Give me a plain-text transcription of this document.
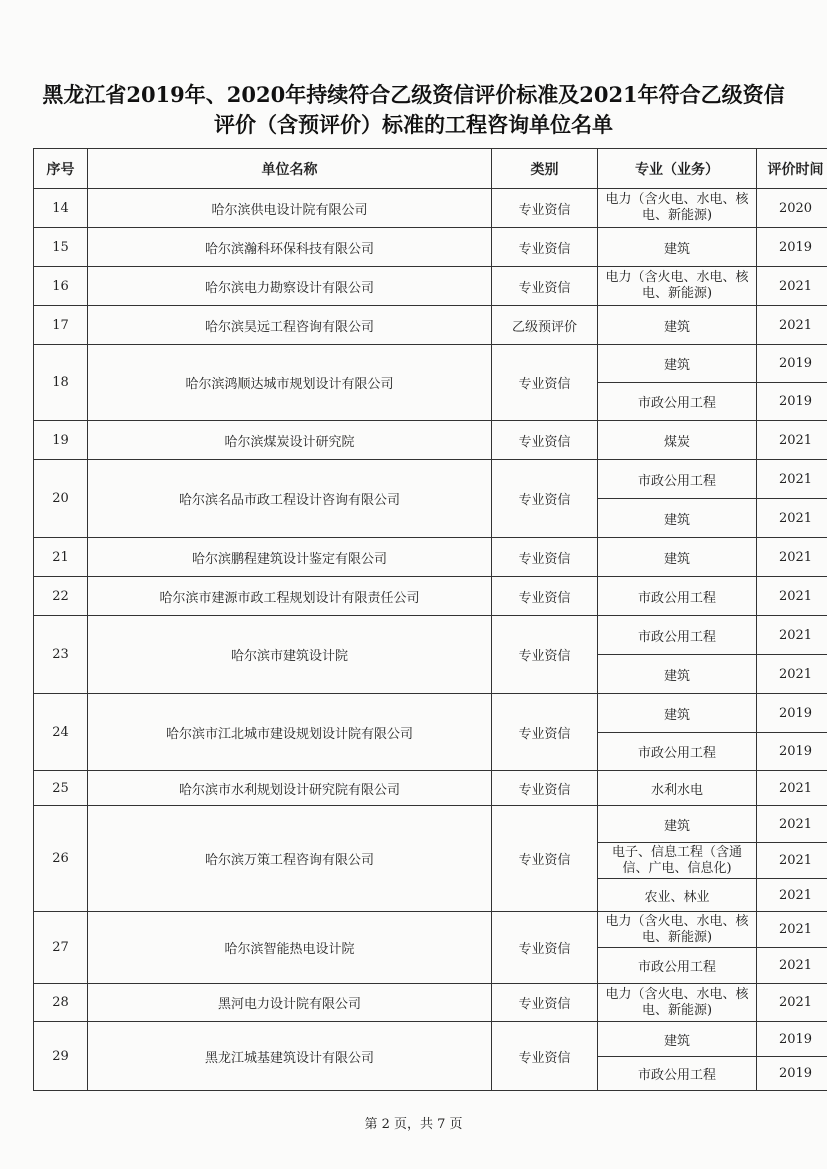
黑龙江省2019年、2020年持续符合乙级资信评价标准及2021年符合乙级资信
评价（含预评价）标准的工程咨询单位名单
序号	单位名称	类别	专业（业务）	评价时间
14	哈尔滨供电设计院有限公司	专业资信	电力（含火电、水电、核电、新能源)	2020
15	哈尔滨瀚科环保科技有限公司	专业资信	建筑	2019
16	哈尔滨电力勘察设计有限公司	专业资信	电力（含火电、水电、核电、新能源)	2021
17	哈尔滨昊远工程咨询有限公司	乙级预评价	建筑	2021
18	哈尔滨鸿顺达城市规划设计有限公司	专业资信	建筑	2019
			市政公用工程	2019
19	哈尔滨煤炭设计研究院	专业资信	煤炭	2021
20	哈尔滨名品市政工程设计咨询有限公司	专业资信	市政公用工程	2021
			建筑	2021
21	哈尔滨鹏程建筑设计鉴定有限公司	专业资信	建筑	2021
22	哈尔滨市建源市政工程规划设计有限责任公司	专业资信	市政公用工程	2021
23	哈尔滨市建筑设计院	专业资信	市政公用工程	2021
			建筑	2021
24	哈尔滨市江北城市建设规划设计院有限公司	专业资信	建筑	2019
			市政公用工程	2019
25	哈尔滨市水利规划设计研究院有限公司	专业资信	水利水电	2021
26	哈尔滨万策工程咨询有限公司	专业资信	建筑	2021
			电子、信息工程（含通信、广电、信息化)	2021
			农业、林业	2021
27	哈尔滨智能热电设计院	专业资信	电力（含火电、水电、核电、新能源)	2021
			市政公用工程	2021
28	黑河电力设计院有限公司	专业资信	电力（含火电、水电、核电、新能源)	2021
29	黑龙江城基建筑设计有限公司	专业资信	建筑	2019
			市政公用工程	2019
第 2 页，共 7 页
